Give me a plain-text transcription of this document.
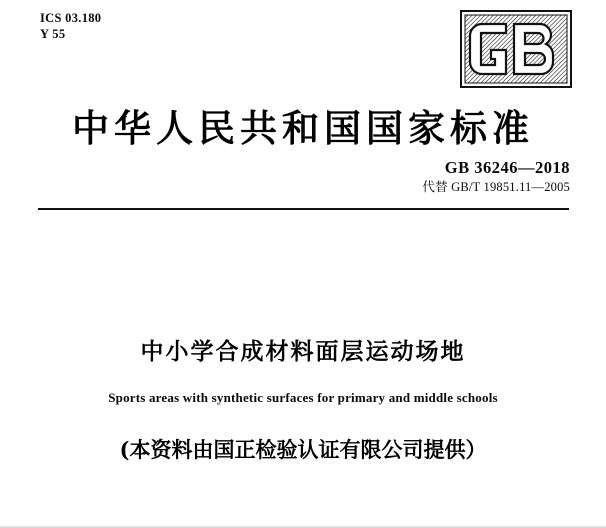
ICS 03.180
Y 55
中华人民共和国国家标准
GB 36246—2018
代替 GB/T 19851.11—2005
中小学合成材料面层运动场地
Sports areas with synthetic surfaces for primary and middle schools
(本资料由国正检验认证有限公司提供）
